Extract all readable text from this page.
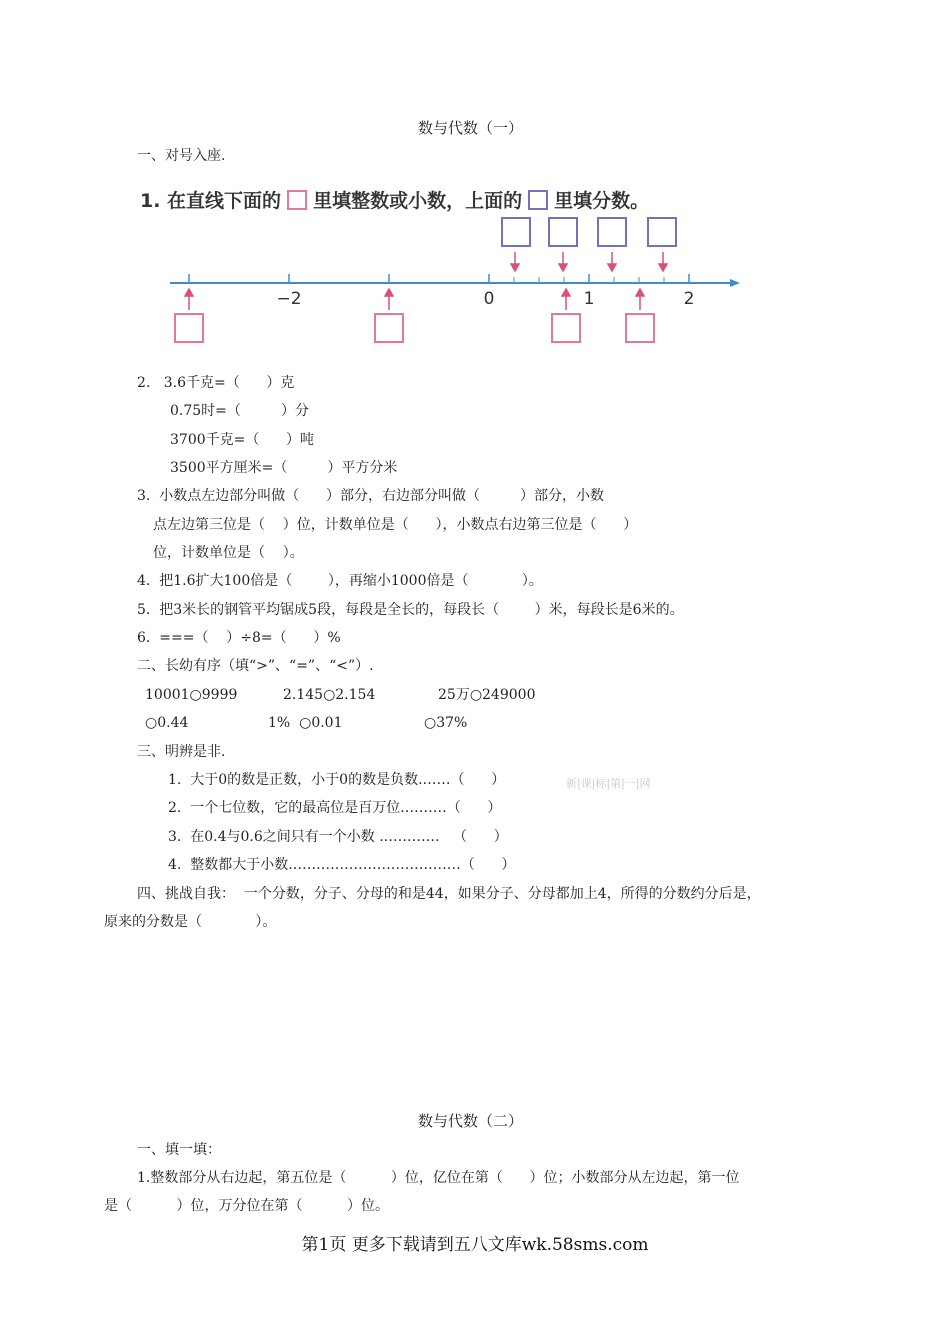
数与代数（一）
一、对号入座.
1. 在直线下面的 里填整数或小数，上面的 里填分数。
−2	0	1	2
2.   3.6千克=（      ）克
0.75时=（         ）分
3700千克=（      ）吨
3500平方厘米=（         ）平方分米
3.  小数点左边部分叫做（      ）部分，右边部分叫做（         ）部分，小数
点左边第三位是（    ）位，计数单位是（      ），小数点右边第三位是（      ）
位，计数单位是（    ）。
4.  把1.6扩大100倍是（        ），再缩小1000倍是（            ）。
5.  把3米长的钢管平均锯成5段，每段是全长的，每段长（        ）米，每段长是6米的。
6.  ===（    ）÷8=（      ）%
二、长幼有序（填“>”、“=”、“<”）.
10001○9999	2.145○2.154	25万○249000
○0.44	1%  ○0.01	○37%
三、明辨是非.
1.  大于0的数是正数，小于0的数是负数.……（      ）	新|课|标|第|一|网
2.  一个七位数，它的最高位是百万位.………（      ）
3.  在0.4与0.6之间只有一个小数 .…………   （      ）
4.  整数都大于小数.………………………………（      ）
四、挑战自我：  一个分数，分子、分母的和是44，如果分子、分母都加上4，所得的分数约分后是，
原来的分数是（            ）。
数与代数（二）
一、填一填：
1.整数部分从右边起，第五位是（          ）位，亿位在第（      ）位；小数部分从左边起，第一位
是（          ）位，万分位在第（          ）位。
第1页 更多下载请到五八文库wk.58sms.com
